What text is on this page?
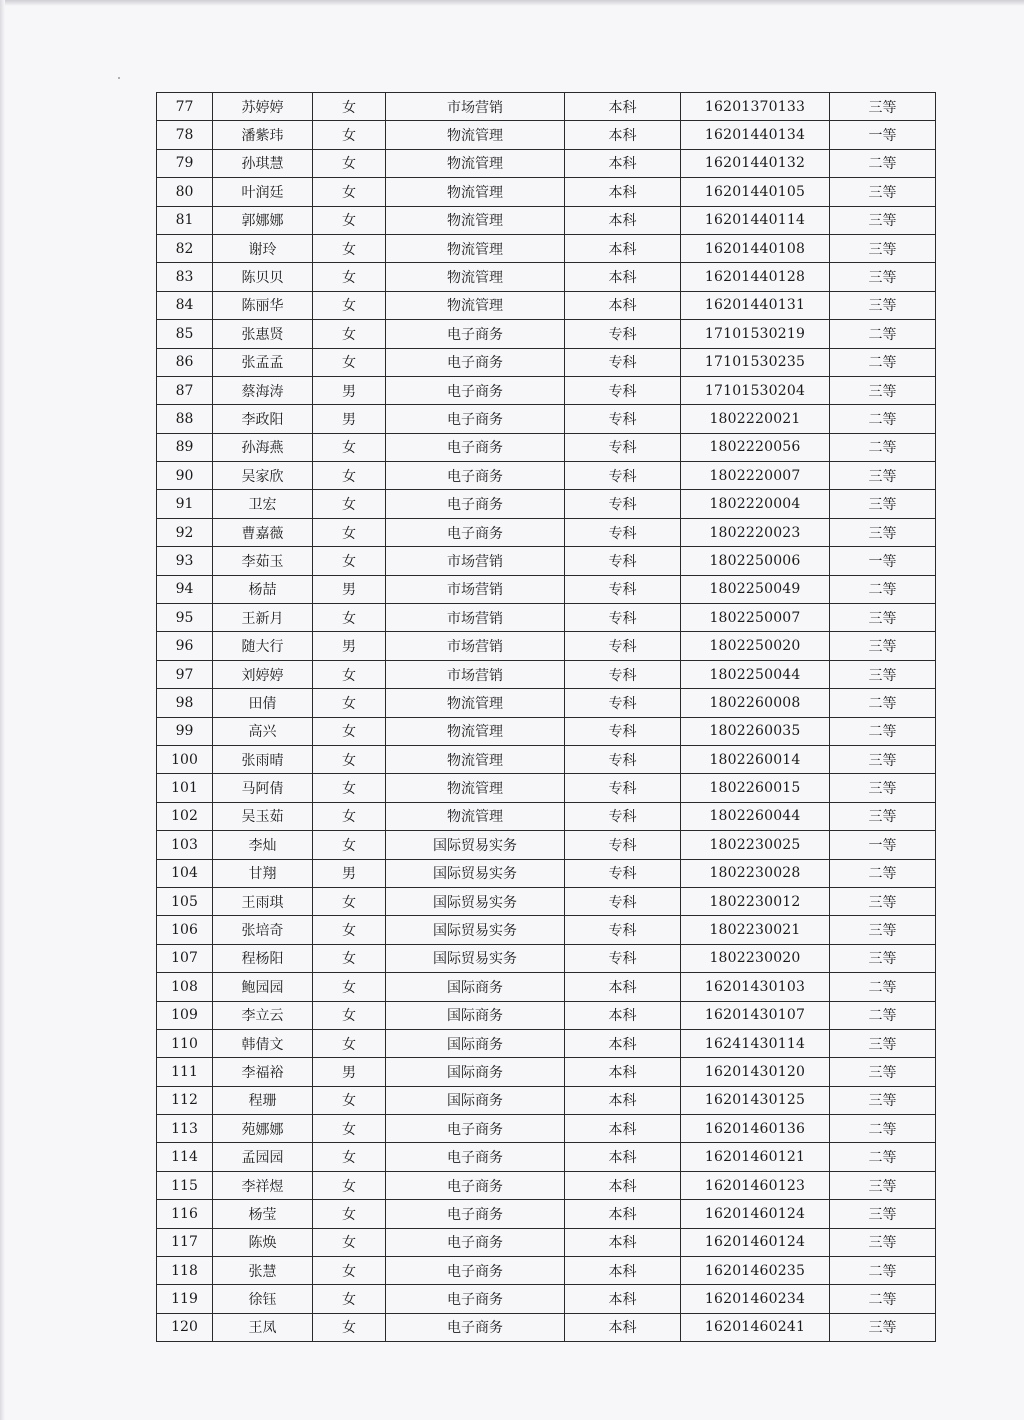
77	苏婷婷	女	市场营销	本科	16201370133	三等
78	潘紫玮	女	物流管理	本科	16201440134	一等
79	孙琪慧	女	物流管理	本科	16201440132	二等
80	叶润廷	女	物流管理	本科	16201440105	三等
81	郭娜娜	女	物流管理	本科	16201440114	三等
82	谢玲	女	物流管理	本科	16201440108	三等
83	陈贝贝	女	物流管理	本科	16201440128	三等
84	陈丽华	女	物流管理	本科	16201440131	三等
85	张惠贤	女	电子商务	专科	17101530219	二等
86	张孟孟	女	电子商务	专科	17101530235	二等
87	蔡海涛	男	电子商务	专科	17101530204	三等
88	李政阳	男	电子商务	专科	1802220021	二等
89	孙海燕	女	电子商务	专科	1802220056	二等
90	吴家欣	女	电子商务	专科	1802220007	三等
91	卫宏	女	电子商务	专科	1802220004	三等
92	曹嘉薇	女	电子商务	专科	1802220023	三等
93	李茹玉	女	市场营销	专科	1802250006	一等
94	杨喆	男	市场营销	专科	1802250049	二等
95	王新月	女	市场营销	专科	1802250007	三等
96	随大行	男	市场营销	专科	1802250020	三等
97	刘婷婷	女	市场营销	专科	1802250044	三等
98	田倩	女	物流管理	专科	1802260008	二等
99	高兴	女	物流管理	专科	1802260035	二等
100	张雨晴	女	物流管理	专科	1802260014	三等
101	马阿倩	女	物流管理	专科	1802260015	三等
102	吴玉茹	女	物流管理	专科	1802260044	三等
103	李灿	女	国际贸易实务	专科	1802230025	一等
104	甘翔	男	国际贸易实务	专科	1802230028	二等
105	王雨琪	女	国际贸易实务	专科	1802230012	三等
106	张培奇	女	国际贸易实务	专科	1802230021	三等
107	程杨阳	女	国际贸易实务	专科	1802230020	三等
108	鲍园园	女	国际商务	本科	16201430103	二等
109	李立云	女	国际商务	本科	16201430107	二等
110	韩倩文	女	国际商务	本科	16241430114	三等
111	李福裕	男	国际商务	本科	16201430120	三等
112	程珊	女	国际商务	本科	16201430125	三等
113	苑娜娜	女	电子商务	本科	16201460136	二等
114	孟园园	女	电子商务	本科	16201460121	二等
115	李祥煜	女	电子商务	本科	16201460123	三等
116	杨莹	女	电子商务	本科	16201460124	三等
117	陈焕	女	电子商务	本科	16201460124	三等
118	张慧	女	电子商务	本科	16201460235	二等
119	徐钰	女	电子商务	本科	16201460234	二等
120	王凤	女	电子商务	本科	16201460241	三等
